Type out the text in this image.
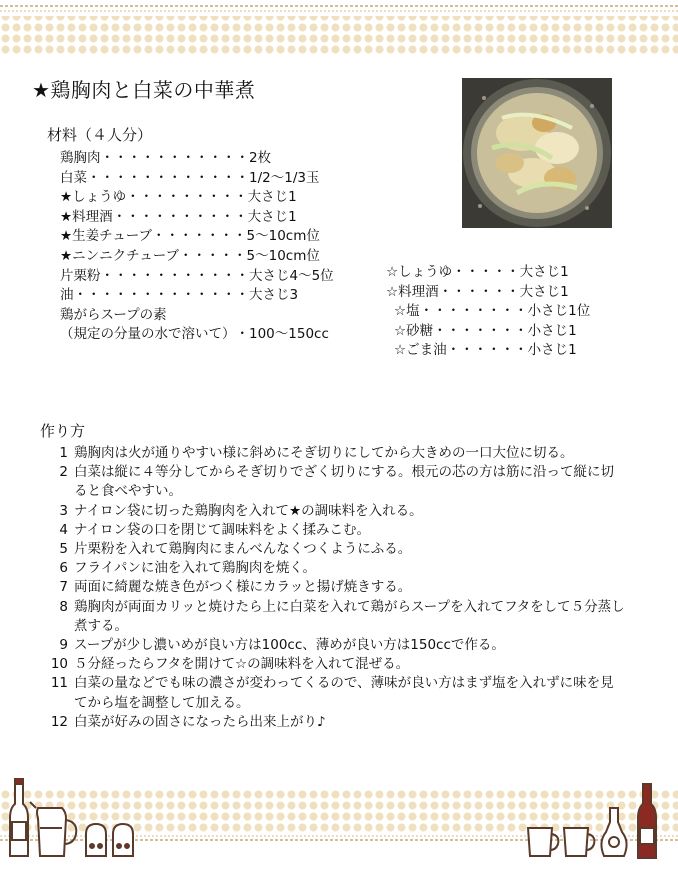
★鶏胸肉と白菜の中華煮
材料（４人分）
鶏胸肉 ・・・・・・・・・・・ 2枚
白菜 ・・・・・・・・・・・・ 1/2～1/3玉
★しょうゆ ・・・・・・・・・ 大さじ1
★料理酒 ・・・・・・・・・・ 大さじ1
★生姜チューブ ・・・・・・・ 5～10cm位
★ニンニクチューブ ・・・・・ 5～10cm位
片栗粉 ・・・・・・・・・・・ 大さじ4～5位
油 ・・・・・・・・・・・・・ 大さじ3
鶏がらスープの素
（規定の分量の水で溶いて） ・ 100～150cc
☆しょうゆ ・・・・・ 大さじ1
☆料理酒 ・・・・・・ 大さじ1
☆塩 ・・・・・・・・ 小さじ1位
☆砂糖 ・・・・・・・ 小さじ1
☆ごま油 ・・・・・・ 小さじ1
作り方
1 鶏胸肉は火が通りやすい様に斜めにそぎ切りにしてから大きめの一口大位に切る。
2 白菜は縦に４等分してからそぎ切りでざく切りにする。根元の芯の方は筋に沿って縦に切ると食べやすい。
3 ナイロン袋に切った鶏胸肉を入れて★の調味料を入れる。
4 ナイロン袋の口を閉じて調味料をよく揉みこむ。
5 片栗粉を入れて鶏胸肉にまんべんなくつくようにふる。
6 フライパンに油を入れて鶏胸肉を焼く。
7 両面に綺麗な焼き色がつく様にカラッと揚げ焼きする。
8 鶏胸肉が両面カリッと焼けたら上に白菜を入れて鶏がらスープを入れてフタをして５分蒸し煮する。
9 スープが少し濃いめが良い方は100cc、薄めが良い方は150ccで作る。
10 ５分経ったらフタを開けて☆の調味料を入れて混ぜる。
11 白菜の量などでも味の濃さが変わってくるので、薄味が良い方はまず塩を入れずに味を見てから塩を調整して加える。
12 白菜が好みの固さになったら出来上がり♪
